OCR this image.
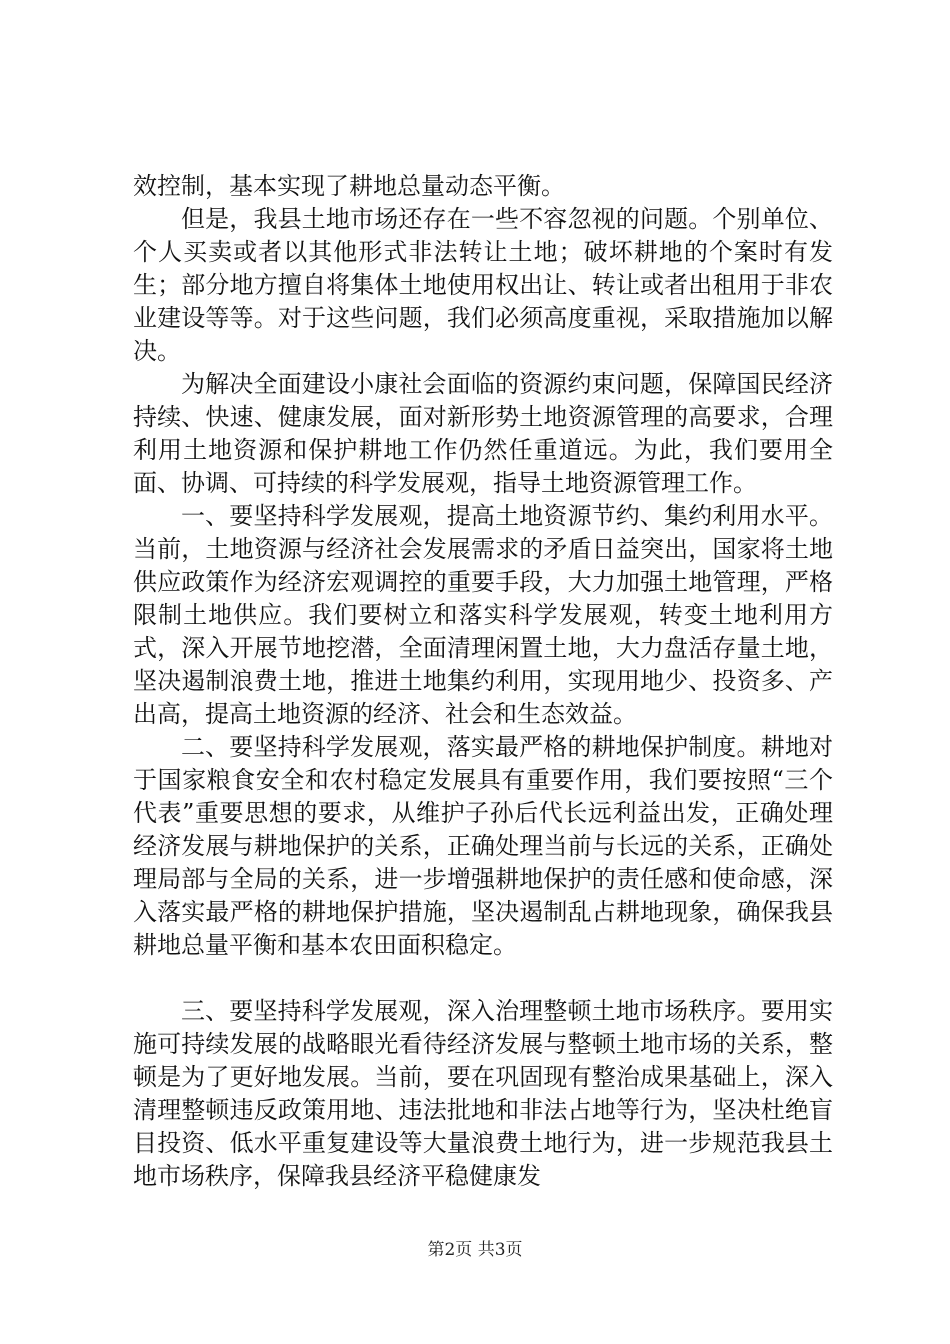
效控制，基本实现了耕地总量动态平衡。

但是，我县土地市场还存在一些不容忽视的问题。个别单位、个人买卖或者以其他形式非法转让土地；破坏耕地的个案时有发生；部分地方擅自将集体土地使用权出让、转让或者出租用于非农业建设等等。对于这些问题，我们必须高度重视，采取措施加以解决。

为解决全面建设小康社会面临的资源约束问题，保障国民经济持续、快速、健康发展，面对新形势土地资源管理的高要求，合理利用土地资源和保护耕地工作仍然任重道远。为此，我们要用全面、协调、可持续的科学发展观，指导土地资源管理工作。

一、要坚持科学发展观，提高土地资源节约、集约利用水平。当前，土地资源与经济社会发展需求的矛盾日益突出，国家将土地供应政策作为经济宏观调控的重要手段，大力加强土地管理，严格限制土地供应。我们要树立和落实科学发展观，转变土地利用方式，深入开展节地挖潜，全面清理闲置土地，大力盘活存量土地，坚决遏制浪费土地，推进土地集约利用，实现用地少、投资多、产出高，提高土地资源的经济、社会和生态效益。

二、要坚持科学发展观，落实最严格的耕地保护制度。耕地对于国家粮食安全和农村稳定发展具有重要作用，我们要按照“三个代表”重要思想的要求，从维护子孙后代长远利益出发，正确处理经济发展与耕地保护的关系，正确处理当前与长远的关系，正确处理局部与全局的关系，进一步增强耕地保护的责任感和使命感，深入落实最严格的耕地保护措施，坚决遏制乱占耕地现象，确保我县耕地总量平衡和基本农田面积稳定。

三、要坚持科学发展观，深入治理整顿土地市场秩序。要用实施可持续发展的战略眼光看待经济发展与整顿土地市场的关系，整顿是为了更好地发展。当前，要在巩固现有整治成果基础上，深入清理整顿违反政策用地、违法批地和非法占地等行为，坚决杜绝盲目投资、低水平重复建设等大量浪费土地行为，进一步规范我县土地市场秩序，保障我县经济平稳健康发

第2页 共3页
